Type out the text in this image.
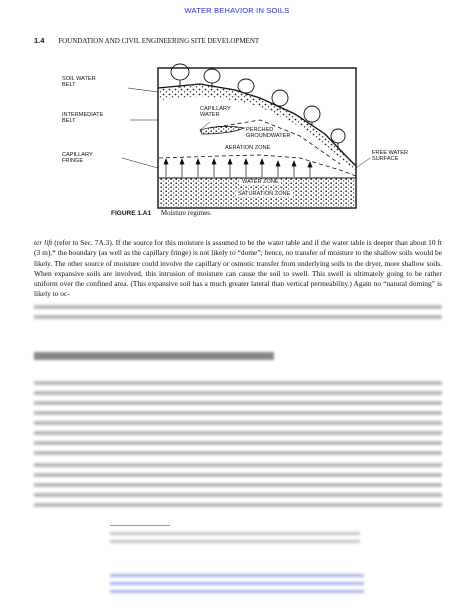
WATER BEHAVIOR IN SOILS
1.4 FOUNDATION AND CIVIL ENGINEERING SITE DEVELOPMENT
SOIL WATER
BELT
INTERMEDIATE
BELT
CAPILLARY
FRINGE
CAPILLARY
WATER
PERCHED
GROUNDWATER
AERATION ZONE
FREE WATER
SURFACE
WATER ZONE
SATURATION ZONE
FIGURE 1.A1 Moisture regimes.
ter lift (refer to Sec. 7A.3). If the source for this moisture is assumed to be the water table and if the water table is deeper than about 10 ft (3 m),* the boundary (as well as the capillary fringe) is not likely to “dome”; hence, no transfer of moisture to the shallow soils would be likely. The other source of moisture could involve the capillary or osmotic transfer from underlying soils to the dryer, more shallow soils. When expansive soils are involved, this intrusion of moisture can cause the soil to swell. This swell is ultimately going to be rather uniform over the confined area. (This expansive soil has a much greater lateral than vertical permeability.) Again no “natural doming” is likely to oc-
